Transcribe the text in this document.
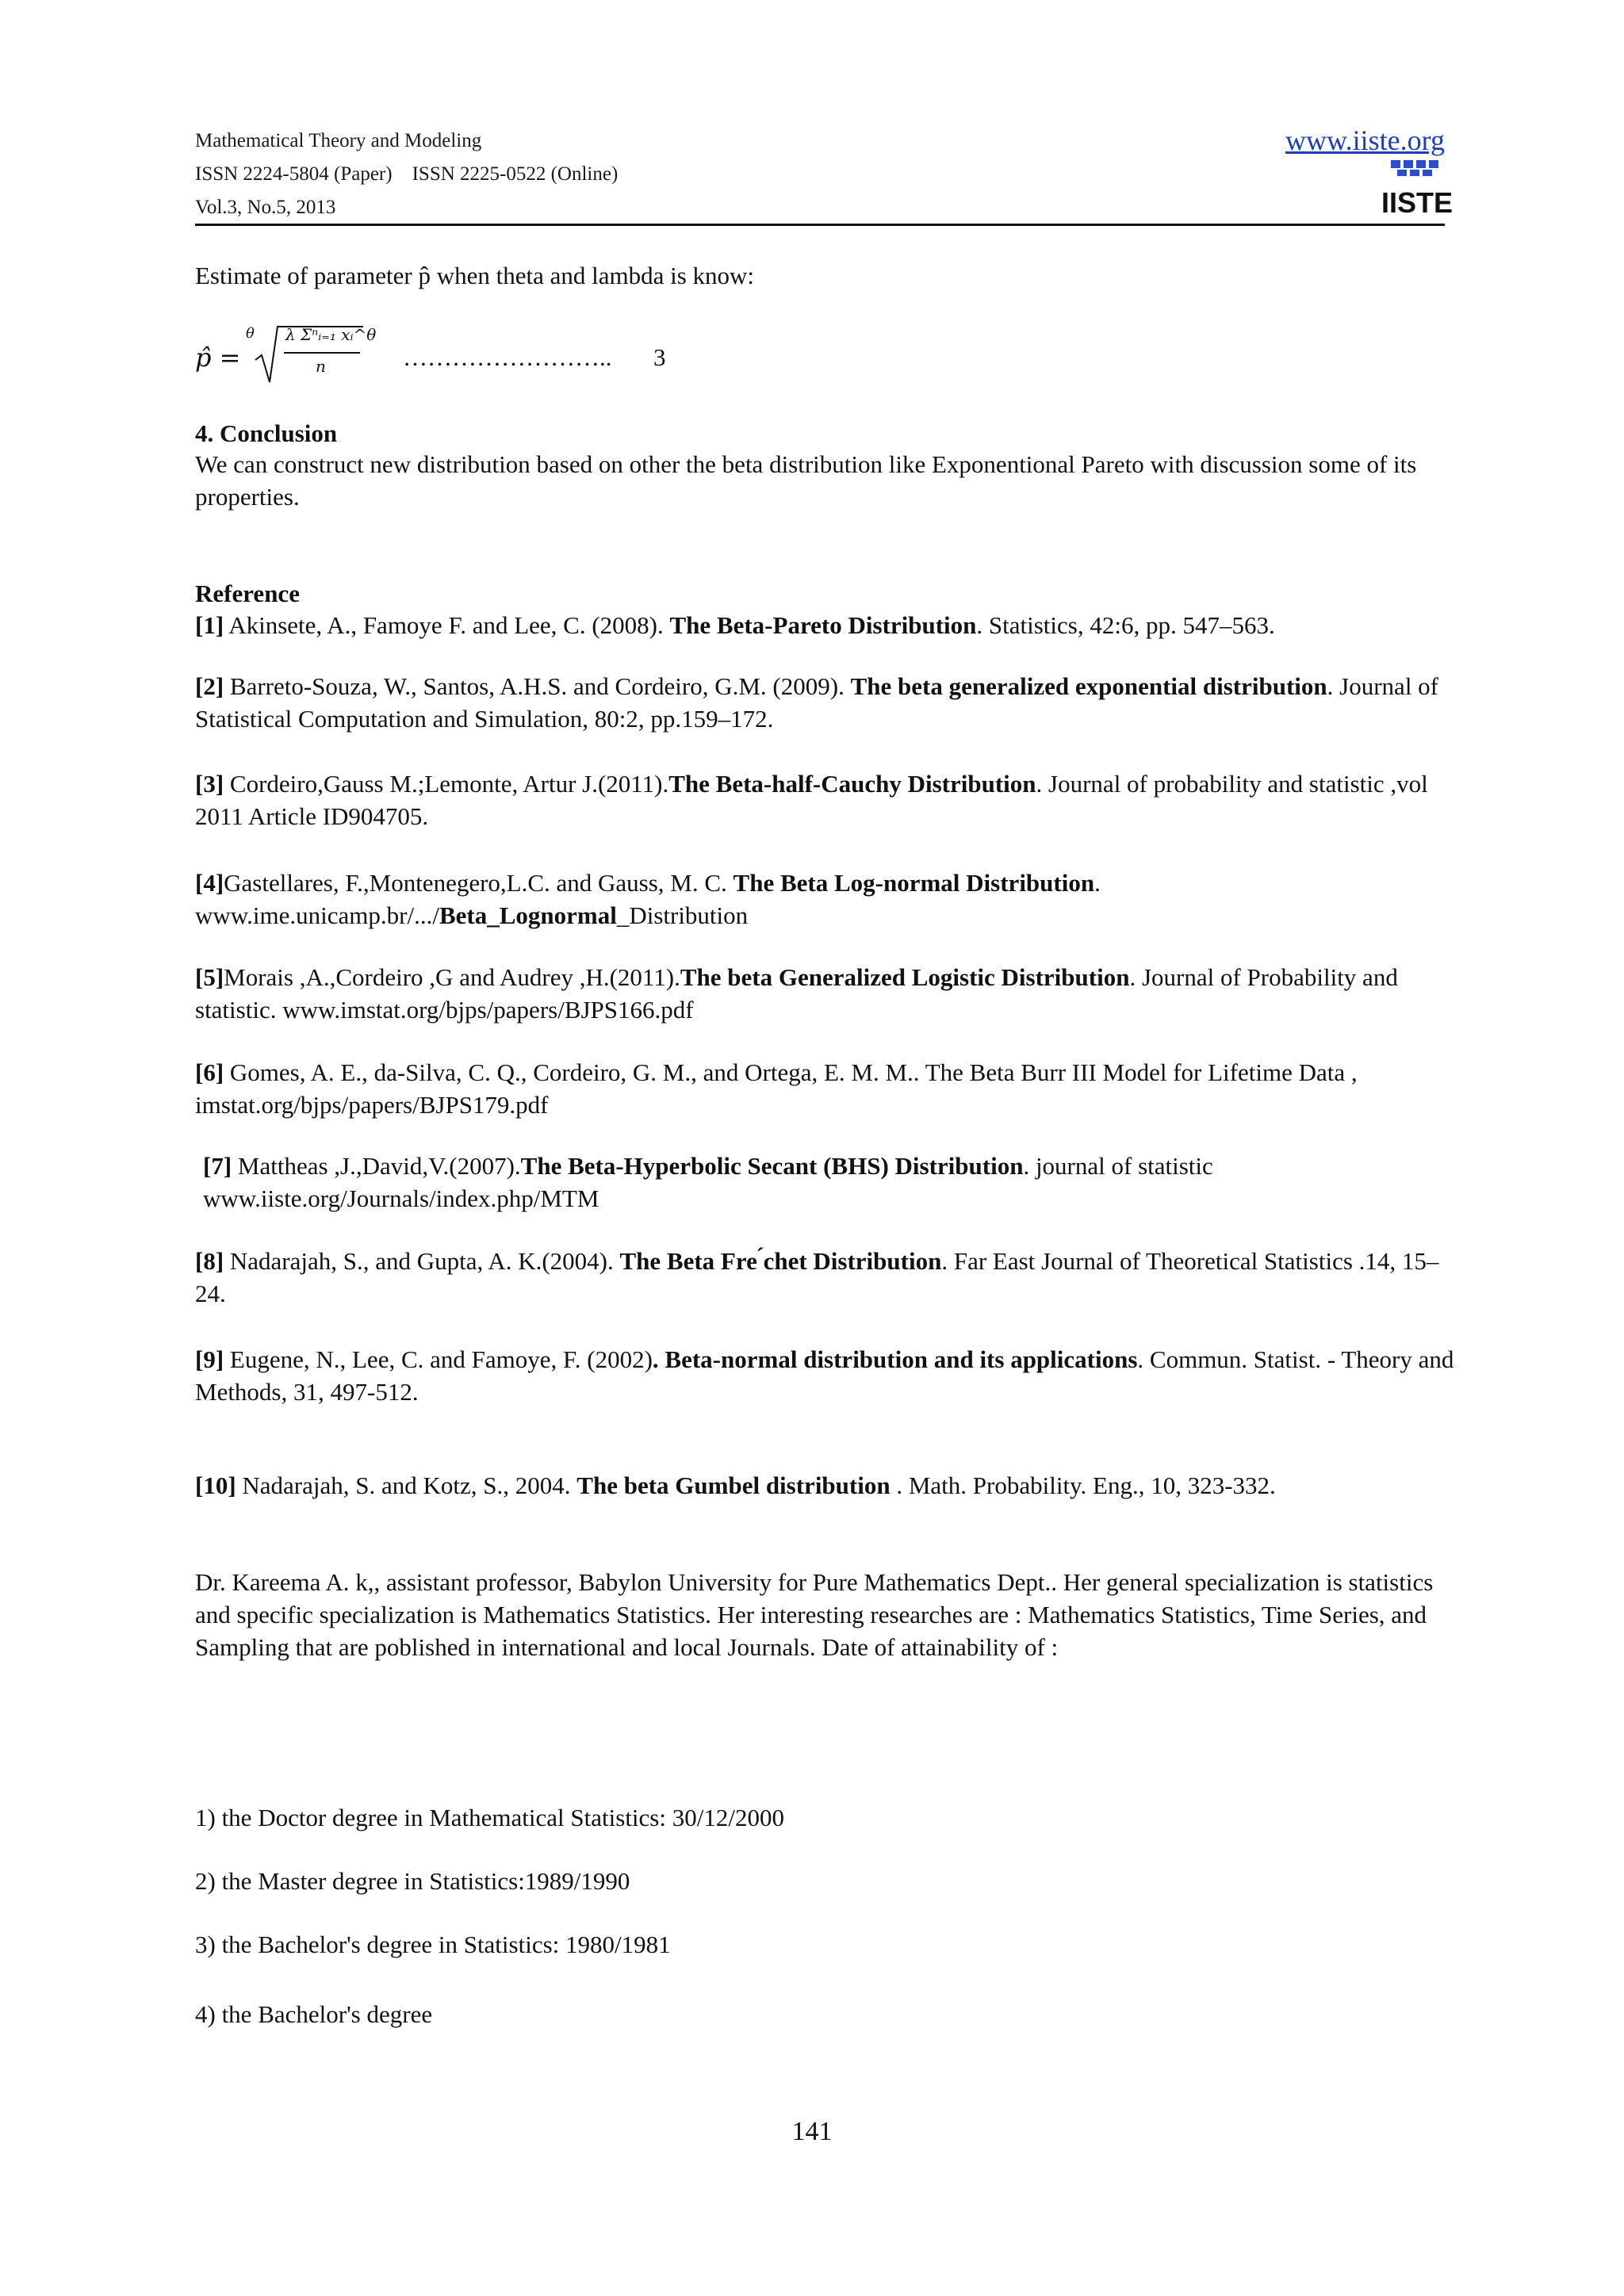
Mathematical Theory and Modeling
ISSN 2224-5804 (Paper) ISSN 2225-0522 (Online)
Vol.3, No.5, 2013
www.iiste.org
IISTE
Estimate of parameter p̂ when theta and lambda is know:
p̂ =
θ λ Σⁿᵢ₌₁ xᵢ^θ
n	…………………….. 3
4. Conclusion
We can construct new distribution based on other the beta distribution like Exponentional Pareto with discussion some of its properties.
Reference
[1] Akinsete, A., Famoye F. and Lee, C. (2008). The Beta-Pareto Distribution. Statistics, 42:6, pp. 547–563.
[2] Barreto-Souza, W., Santos, A.H.S. and Cordeiro, G.M. (2009). The beta generalized exponential distribution. Journal of Statistical Computation and Simulation, 80:2, pp.159–172.
[3] Cordeiro,Gauss M.;Lemonte, Artur J.(2011).The Beta-half-Cauchy Distribution. Journal of probability and statistic ,vol 2011 Article ID904705.
[4]Gastellares, F.,Montenegero,L.C. and Gauss, M. C. The Beta Log-normal Distribution.
www.ime.unicamp.br/.../Beta_Lognormal_Distribution
[5]Morais ,A.,Cordeiro ,G and Audrey ,H.(2011).The beta Generalized Logistic Distribution. Journal of Probability and statistic. www.imstat.org/bjps/papers/BJPS166.pdf
[6] Gomes, A. E., da-Silva, C. Q., Cordeiro, G. M., and Ortega, E. M. M.. The Beta Burr III Model for Lifetime Data , imstat.org/bjps/papers/BJPS179.pdf
[7] Mattheas ,J.,David,V.(2007).The Beta-Hyperbolic Secant (BHS) Distribution. journal of statistic www.iiste.org/Journals/index.php/MTM
[8] Nadarajah, S., and Gupta, A. K.(2004). The Beta Fre ́chet Distribution. Far East Journal of Theoretical Statistics .14, 15–24.
[9] Eugene, N., Lee, C. and Famoye, F. (2002). Beta-normal distribution and its applications. Commun. Statist. - Theory and Methods, 31, 497-512.
[10] Nadarajah, S. and Kotz, S., 2004. The beta Gumbel distribution . Math. Probability. Eng., 10, 323-332.
Dr. Kareema A. k,, assistant professor, Babylon University for Pure Mathematics Dept.. Her general specialization is statistics and specific specialization is Mathematics Statistics. Her interesting researches are : Mathematics Statistics, Time Series, and Sampling that are poblished in international and local Journals. Date of attainability of :
1) the Doctor degree in Mathematical Statistics: 30/12/2000
2) the Master degree in Statistics:1989/1990
3) the Bachelor's degree in Statistics: 1980/1981
4) the Bachelor's degree
141
